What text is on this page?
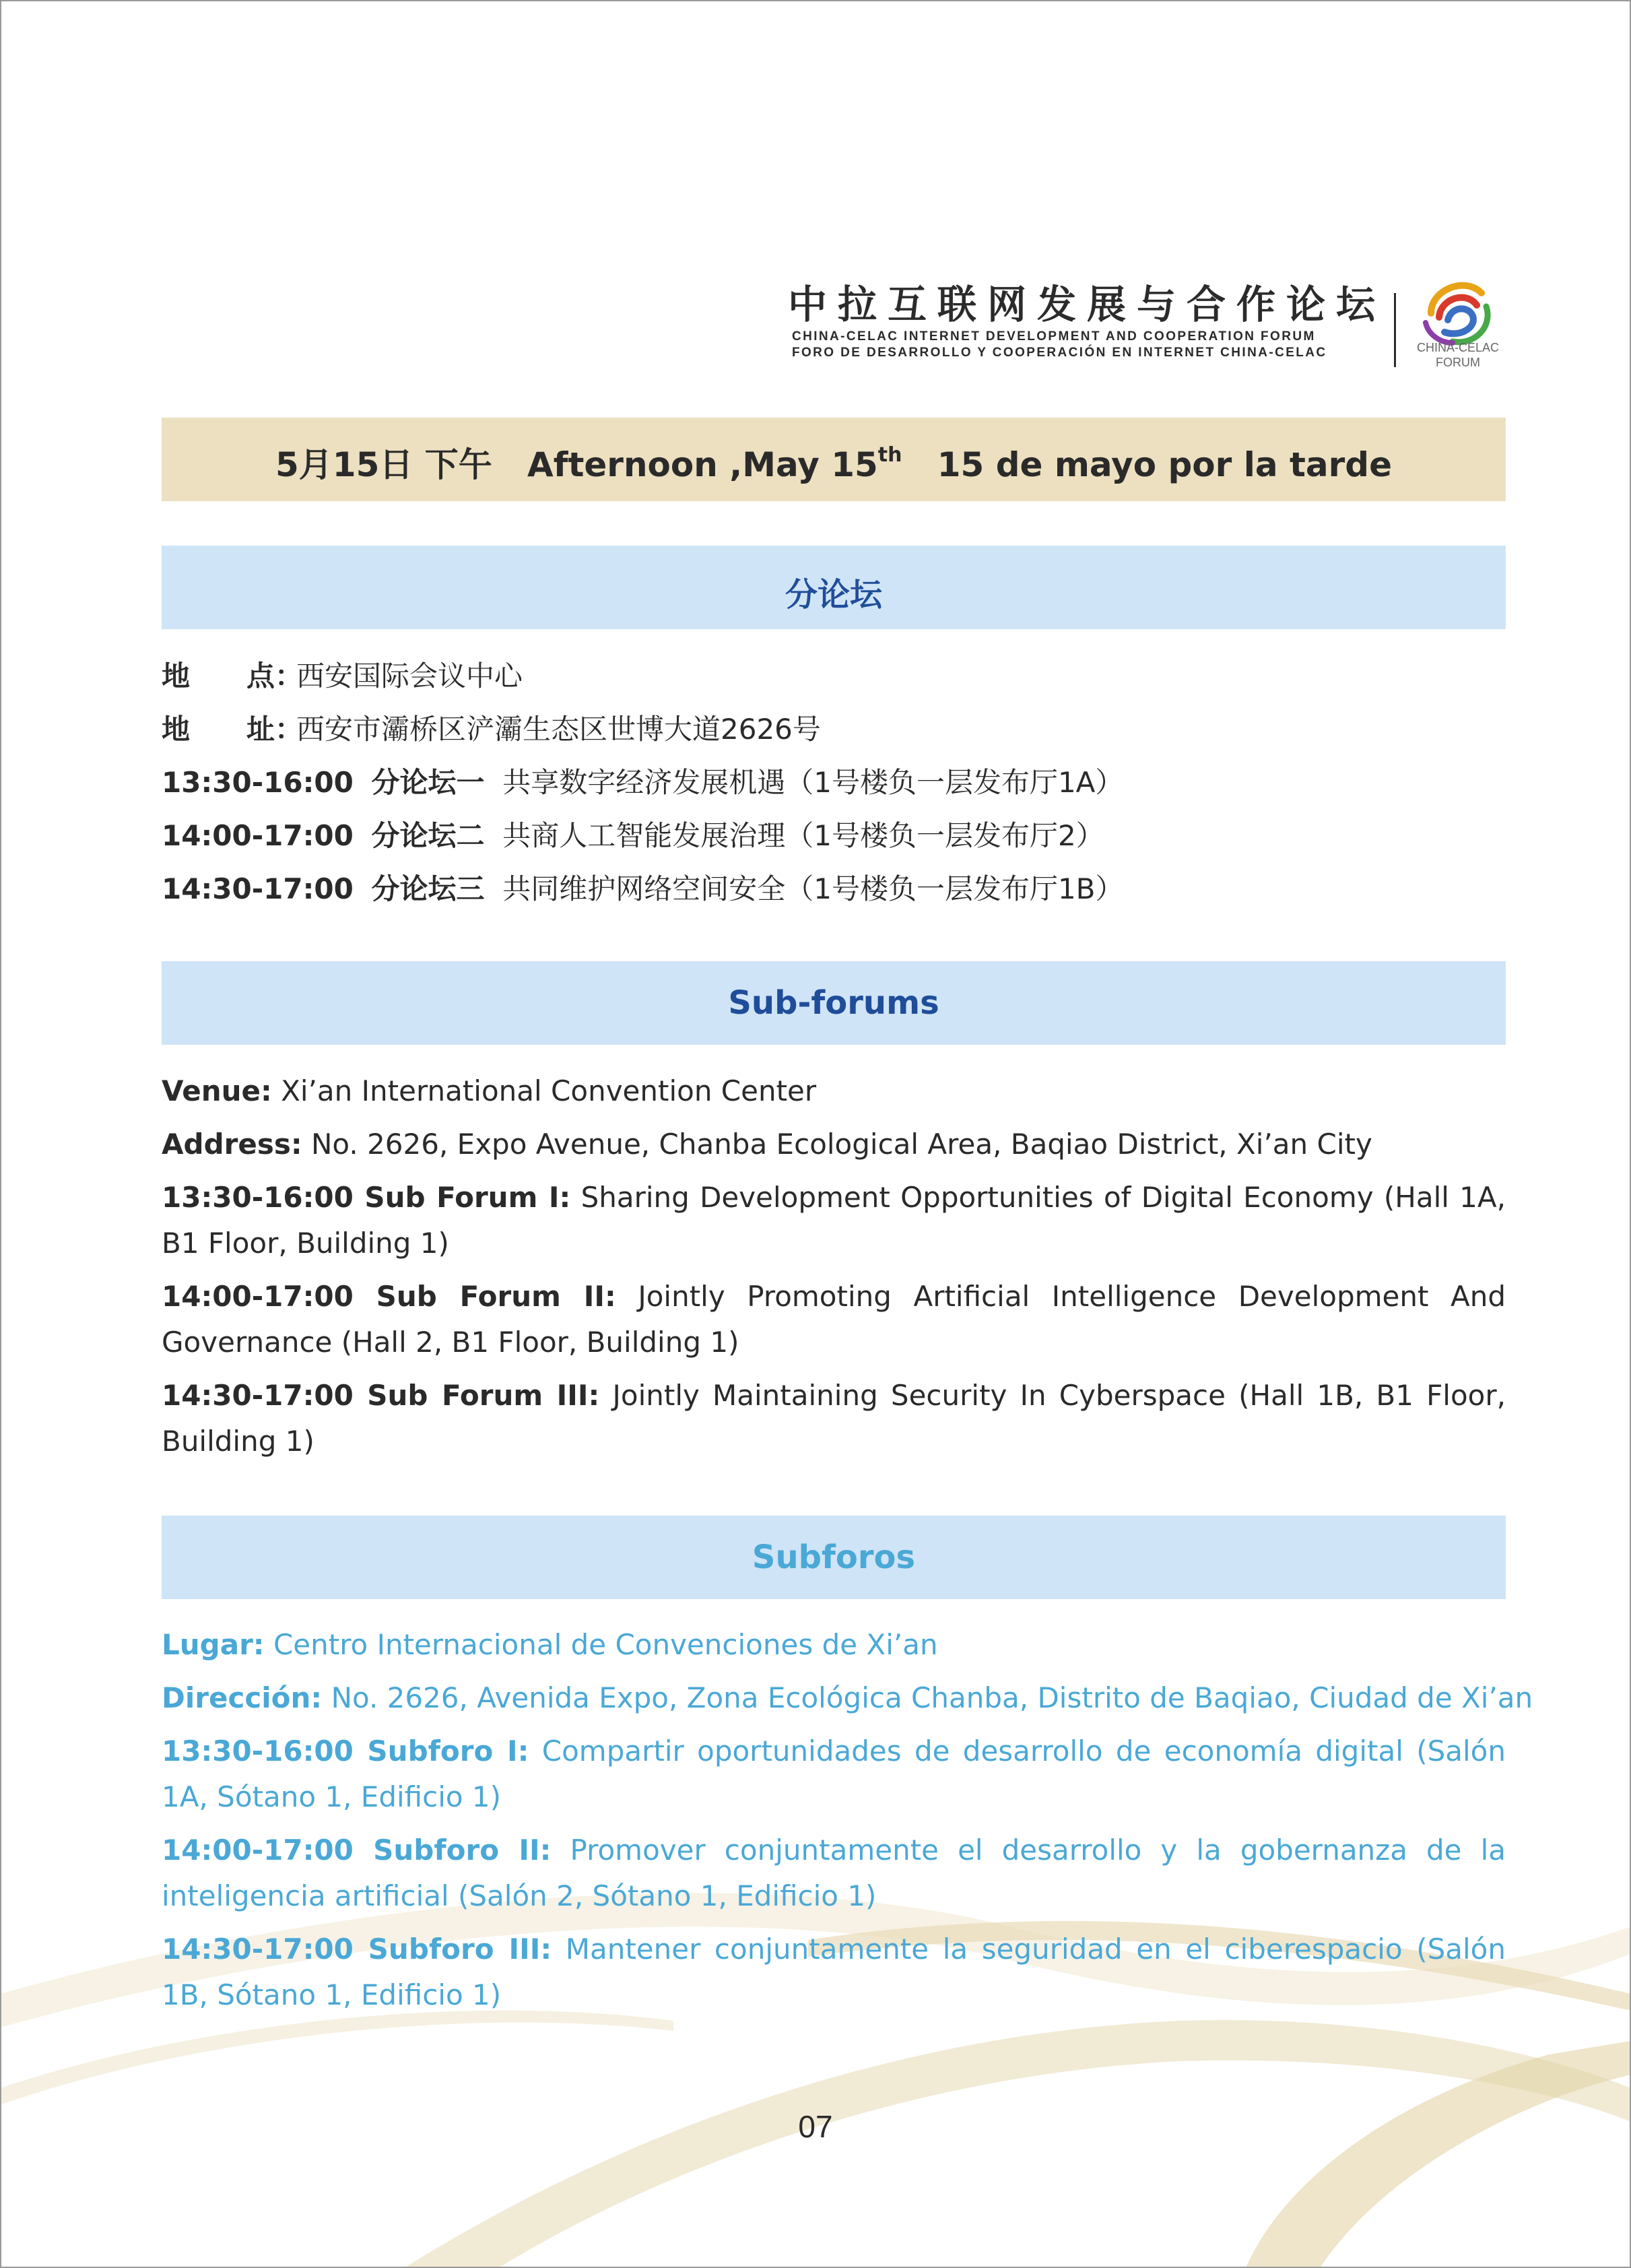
中拉互联网发展与合作论坛
CHINA-CELAC INTERNET DEVELOPMENT AND COOPERATION FORUM
FORO DE DESARROLLO Y COOPERACIÓN EN INTERNET CHINA-CELAC	CHINA-CELAC
FORUM
5月15日 下午 Afternoon ,May 15th 15 de mayo por la tarde
分论坛

地　　点：西安国际会议中心

地　　址：西安市灞桥区浐灞生态区世博大道2626号

13:30-16:00 分论坛一 共享数字经济发展机遇（1号楼负一层发布厅1A）

14:00-17:00 分论坛二 共商人工智能发展治理（1号楼负一层发布厅2）

14:30-17:00 分论坛三 共同维护网络空间安全（1号楼负一层发布厅1B）

Sub-forums

Venue: Xi’an International Convention Center

Address: No. 2626, Expo Avenue, Chanba Ecological Area, Baqiao District, Xi’an City

13:30-16:00 Sub Forum I: Sharing Development Opportunities of Digital Economy (Hall 1A, B1 Floor, Building 1)

14:00-17:00 Sub Forum II: Jointly Promoting Artificial Intelligence Development And Governance (Hall 2, B1 Floor, Building 1)

14:30-17:00 Sub Forum III: Jointly Maintaining Security In Cyberspace (Hall 1B, B1 Floor, Building 1)

Subforos

Lugar: Centro Internacional de Convenciones de Xi’an

Dirección: No. 2626, Avenida Expo, Zona Ecológica Chanba, Distrito de Baqiao, Ciudad de Xi’an

13:30-16:00 Subforo I: Compartir oportunidades de desarrollo de economía digital (Salón 1A, Sótano 1, Edificio 1)

14:00-17:00 Subforo II: Promover conjuntamente el desarrollo y la gobernanza de la inteligencia artificial (Salón 2, Sótano 1, Edificio 1)

14:30-17:00 Subforo III: Mantener conjuntamente la seguridad en el ciberespacio (Salón 1B, Sótano 1, Edificio 1)

07
